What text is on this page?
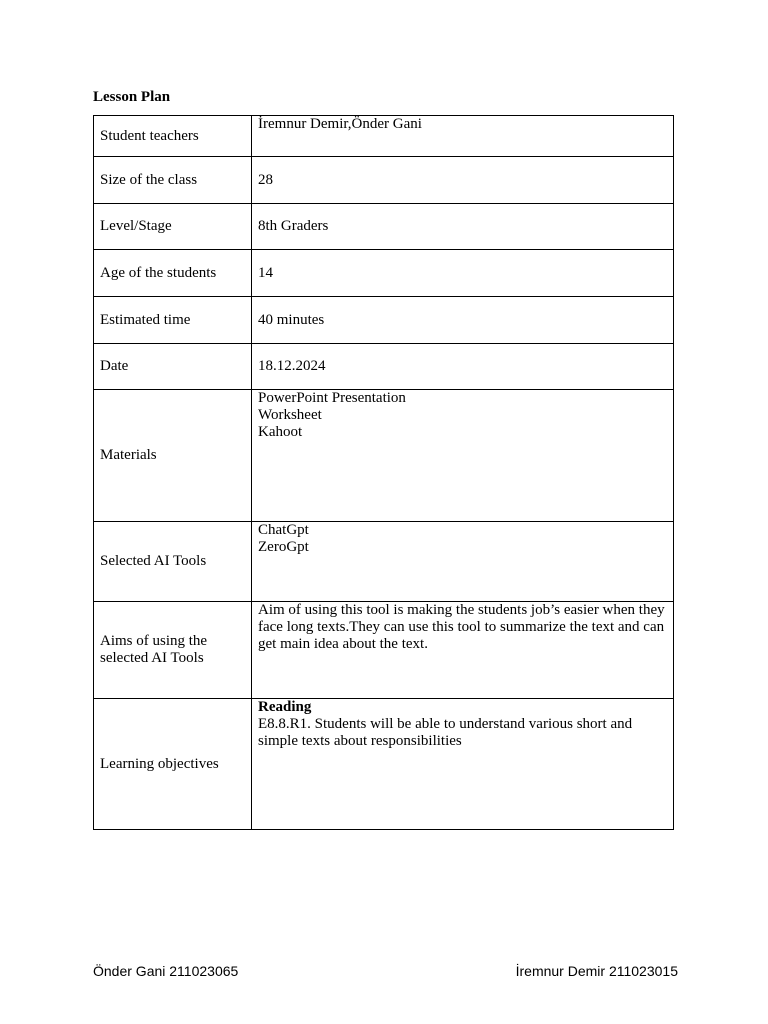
Lesson Plan
Student teachers	İremnur Demir,Önder Gani
Size of the class	28
Level/Stage	8th Graders
Age of the students	14
Estimated time	40 minutes
Date	18.12.2024
Materials	PowerPoint Presentation
Worksheet
Kahoot

Selected AI Tools	ChatGpt
ZeroGpt

Aims of using the
selected AI Tools	Aim of using this tool is making the students job’s easier when they face long texts.They can use this tool to summarize the text and can get main idea about the text.
Learning objectives	Reading
E8.8.R1. Students will be able to understand various short and simple texts about responsibilities
Önder Gani 211023065	İremnur Demir 211023015
